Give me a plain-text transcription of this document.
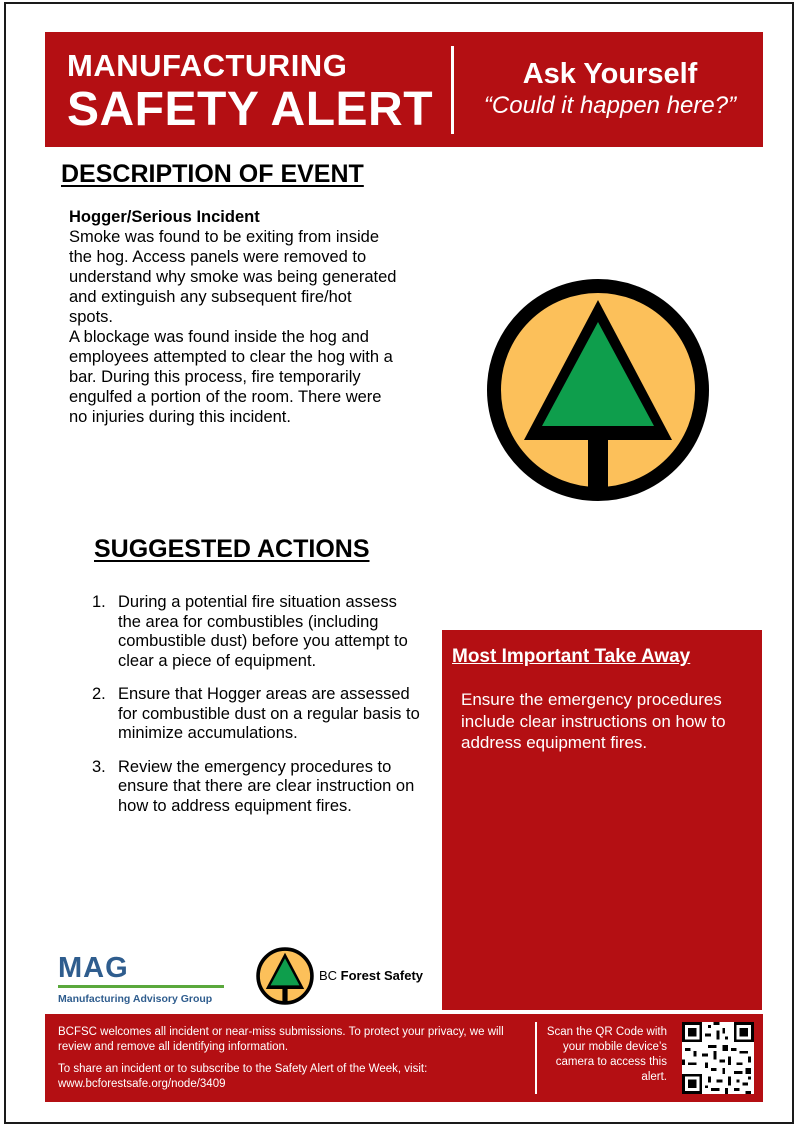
MANUFACTURING
SAFETY ALERT
Ask Yourself
“Could it happen here?”
DESCRIPTION OF EVENT
Hogger/Serious Incident
Smoke was found to be exiting from inside the hog. Access panels were removed to understand why smoke was being generated and extinguish any subsequent fire/hot spots.
A blockage was found inside the hog and employees attempted to clear the hog with a bar. During this process, fire temporarily engulfed a portion of the room. There were no injuries during this incident.
SUGGESTED ACTIONS
1. During a potential fire situation assess the area for combustibles (including combustible dust) before you attempt to clear a piece of equipment.
2. Ensure that Hogger areas are assessed for combustible dust on a regular basis to minimize accumulations.
3. Review the emergency procedures to ensure that there are clear instruction on how to address equipment fires.
Most Important Take Away
Ensure the emergency procedures include clear instructions on how to address equipment fires.
MAG
Manufacturing Advisory Group
BC Forest Safety
BCFSC welcomes all incident or near-miss submissions. To protect your privacy, we will review and remove all identifying information.
To share an incident or to subscribe to the Safety Alert of the Week, visit: www.bcforestsafe.org/node/3409
Scan the QR Code with your mobile device’s camera to access this alert.
